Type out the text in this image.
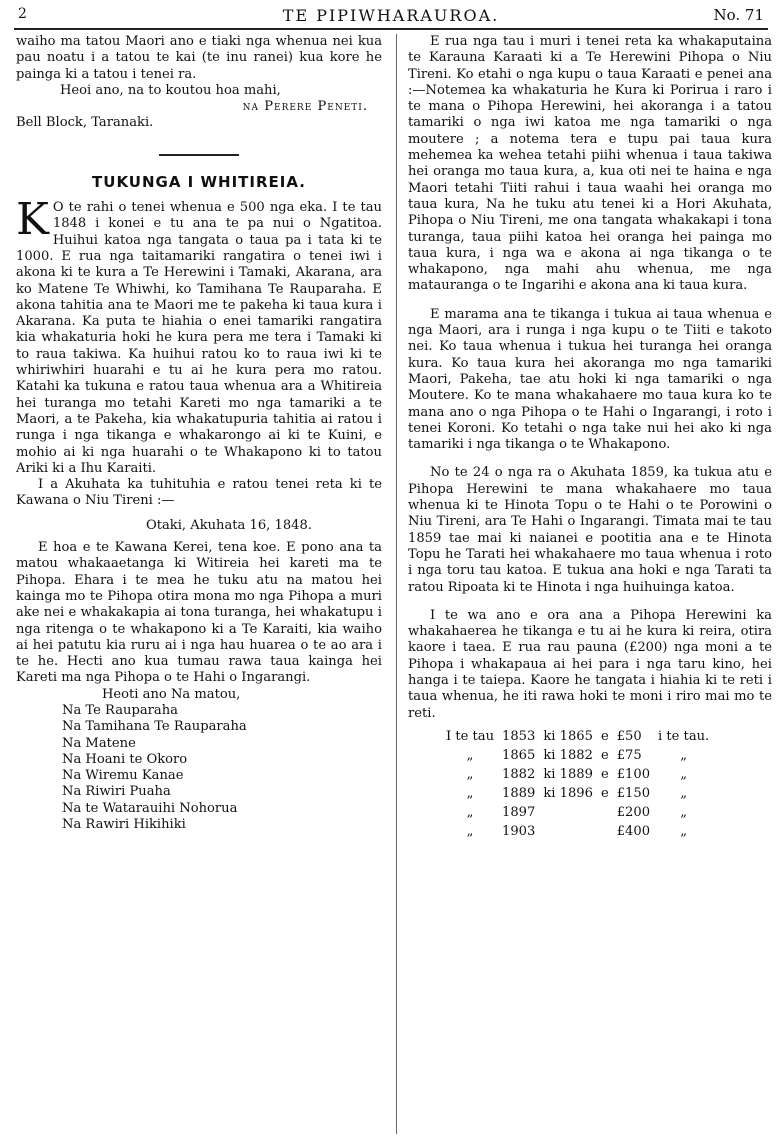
2	TE PIPIWHARAUROA.	No. 71

waiho ma tatou Maori ano e tiaki nga whenua nei kua pau noatu i a tatou te kai (te inu ranei) kua kore he painga ki a tatou i tenei ra.

Heoi ano, na to koutou hoa mahi,

na Perere Peneti.

Bell Block, Taranaki.

TUKUNGA I WHITIREIA.

K O te rahi o tenei whenua e 500 nga eka. I te tau 1848 i konei e tu ana te pa nui o Ngatitoa. Huihui katoa nga tangata o taua pa i tata ki te 1000. E rua nga taitamariki rangatira o tenei iwi i akona ki te kura a Te Herewini i Tamaki, Akarana, ara ko Matene Te Whiwhi, ko Tamihana Te Rauparaha. E akona tahitia ana te Maori me te pakeha ki taua kura i Akarana. Ka puta te hiahia o enei tamariki rangatira kia whakaturia hoki he kura pera me tera i Tamaki ki to raua takiwa. Ka huihui ratou ko to raua iwi ki te whiriwhiri huarahi e tu ai he kura pera mo ratou. Katahi ka tukuna e ratou taua whenua ara a Whitireia hei turanga mo tetahi Kareti mo nga tamariki a te Maori, a te Pakeha, kia whakatupuria tahitia ai ratou i runga i nga tikanga e whakarongo ai ki te Kuini, e mohio ai ki nga huarahi o te Whakapono ki to tatou Ariki ki a Ihu Karaiti.

I a Akuhata ka tuhituhia e ratou tenei reta ki te Kawana o Niu Tireni :—

Otaki, Akuhata 16, 1848.

E hoa e te Kawana Kerei, tena koe. E pono ana ta matou whakaaetanga ki Witireia hei kareti ma te Pihopa. Ehara i te mea he tuku atu na matou hei kainga mo te Pihopa otira mona mo nga Pihopa a muri ake nei e whakakapia ai tona turanga, hei whakatupu i nga ritenga o te whakapono ki a Te Karaiti, kia waiho ai hei patutu kia ruru ai i nga hau huarea o te ao ara i te he. Hecti ano kua tumau rawa taua kainga hei Kareti ma nga Pihopa o te Hahi o Ingarangi.

Heoti ano Na matou,
Na Te Rauparaha
Na Tamihana Te Rauparaha
Na Matene
Na Hoani te Okoro
Na Wiremu Kanae
Na Riwiri Puaha
Na te Watarauihi Nohorua
Na Rawiri Hikihiki

E rua nga tau i muri i tenei reta ka whakaputaina te Karauna Karaati ki a Te Herewini Pihopa o Niu Tireni. Ko etahi o nga kupu o taua Karaati e penei ana :—Notemea ka whakaturia he Kura ki Porirua i raro i te mana o Pihopa Herewini, hei akoranga i a tatou tamariki o nga iwi katoa me nga tamariki o nga moutere ; a notema tera e tupu pai taua kura mehemea ka wehea tetahi piihi whenua i taua takiwa hei oranga mo taua kura, a, kua oti nei te haina e nga Maori tetahi Tiiti rahui i taua waahi hei oranga mo taua kura, Na he tuku atu tenei ki a Hori Akuhata, Pihopa o Niu Tireni, me ona tangata whakakapi i tona turanga, taua piihi katoa hei oranga hei painga mo taua kura, i nga wa e akona ai nga tikanga o te whakapono, nga mahi ahu whenua, me nga matauranga o te Ingarihi e akona ana ki taua kura.

E marama ana te tikanga i tukua ai taua whenua e nga Maori, ara i runga i nga kupu o te Tiiti e takoto nei. Ko taua whenua i tukua hei turanga hei oranga kura. Ko taua kura hei akoranga mo nga tamariki Maori, Pakeha, tae atu hoki ki nga tamariki o nga Moutere. Ko te mana whakahaere mo taua kura ko te mana ano o nga Pihopa o te Hahi o Ingarangi, i roto i tenei Koroni. Ko tetahi o nga take nui hei ako ki nga tamariki i nga tikanga o te Whakapono.

No te 24 o nga ra o Akuhata 1859, ka tukua atu e Pihopa Herewini te mana whakahaere mo taua whenua ki te Hinota Topu o te Hahi o te Porowini o Niu Tireni, ara Te Hahi o Ingarangi. Timata mai te tau 1859 tae mai ki naianei e pootitia ana e te Hinota Topu he Tarati hei whakahaere mo taua whenua i roto i nga toru tau katoa. E tukua ana hoki e nga Tarati ta ratou Ripoata ki te Hinota i nga huihuinga katoa.

I te wa ano e ora ana a Pihopa Herewini ka whakahaerea he tikanga e tu ai he kura ki reira, otira kaore i taea. E rua rau pauna (£200) nga moni a te Pihopa i whakapaua ai hei para i nga taru kino, hei hanga i te taiepa. Kaore he tangata i hiahia ki te reti i taua whenua, he iti rawa hoki te moni i riro mai mo te reti.

I te tau	1853	ki 1865	e	£50	i te tau.
„	1865	ki 1882	e	£75	„
„	1882	ki 1889	e	£100	„
„	1889	ki 1896	e	£150	„
„	1897			£200	„
„	1903			£400	„
